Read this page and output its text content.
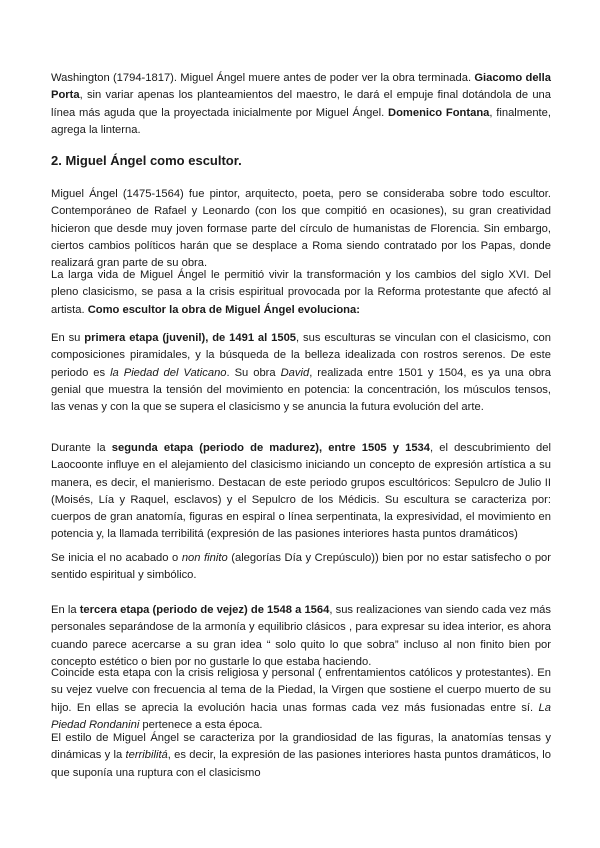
Washington (1794-1817). Miguel Ángel muere antes de poder ver la obra terminada. Giacomo della Porta, sin variar apenas los planteamientos del maestro, le dará el empuje final dotándola de una línea más aguda que la proyectada inicialmente por Miguel Ángel. Domenico Fontana, finalmente, agrega la linterna.

2. Miguel Ángel como escultor.

Miguel Ángel (1475-1564) fue pintor, arquitecto, poeta, pero se consideraba sobre todo escultor. Contemporáneo de Rafael y Leonardo (con los que compitió en ocasiones), su gran creatividad hicieron que desde muy joven formase parte del círculo de humanistas de Florencia. Sin embargo, ciertos cambios políticos harán que se desplace a Roma siendo contratado por los Papas, donde realizará gran parte de su obra.

La larga vida de Miguel Ángel le permitió vivir la transformación y los cambios del siglo XVI. Del pleno clasicismo, se pasa a la crisis espiritual provocada por la Reforma protestante que afectó al artista. Como escultor la obra de Miguel Ángel evoluciona:

En su primera etapa (juvenil), de 1491 al 1505, sus esculturas se vinculan con el clasicismo, con composiciones piramidales, y la búsqueda de la belleza idealizada con rostros serenos. De este periodo es la Piedad del Vaticano. Su obra David, realizada entre 1501 y 1504, es ya una obra genial que muestra la tensión del movimiento en potencia: la concentración, los músculos tensos, las venas y con la que se supera el clasicismo y se anuncia la futura evolución del arte.

Durante la segunda etapa (periodo de madurez), entre 1505 y 1534, el descubrimiento del Laocoonte influye en el alejamiento del clasicismo iniciando un concepto de expresión artística a su manera, es decir, el manierismo. Destacan de este periodo grupos escultóricos: Sepulcro de Julio II (Moisés, Lía y Raquel, esclavos) y el Sepulcro de los Médicis. Su escultura se caracteriza por: cuerpos de gran anatomía, figuras en espiral o línea serpentinata, la expresividad, el movimiento en potencia y, la llamada terribilitá (expresión de las pasiones interiores hasta puntos dramáticos)

Se inicia el no acabado o non finito (alegorías Día y Crepúsculo)) bien por no estar satisfecho o por sentido espiritual y simbólico.

En la tercera etapa (periodo de vejez) de 1548 a 1564, sus realizaciones van siendo cada vez más personales separándose de la armonía y equilibrio clásicos , para expresar su idea interior, es ahora cuando parece acercarse a su gran idea “ solo quito lo que sobra” incluso al non finito bien por concepto estético o bien por no gustarle lo que estaba haciendo.

Coincide esta etapa con la crisis religiosa y personal ( enfrentamientos católicos y protestantes). En su vejez vuelve con frecuencia al tema de la Piedad, la Virgen que sostiene el cuerpo muerto de su hijo. En ellas se aprecia la evolución hacia unas formas cada vez más fusionadas entre sí. La Piedad Rondanini pertenece a esta época.

El estilo de Miguel Ángel se caracteriza por la grandiosidad de las figuras, la anatomías tensas y dinámicas y la terribilitá, es decir, la expresión de las pasiones interiores hasta puntos dramáticos, lo que suponía una ruptura con el clasicismo
